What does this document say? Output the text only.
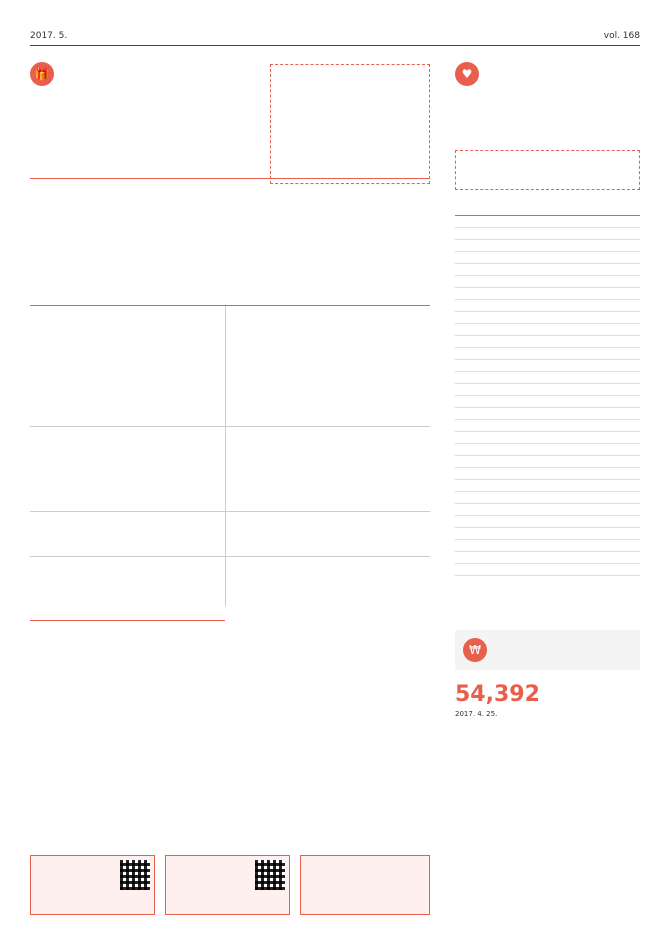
2017. 5.	vol. 168
🎁	♥
₩
54,392
2017. 4. 25.
